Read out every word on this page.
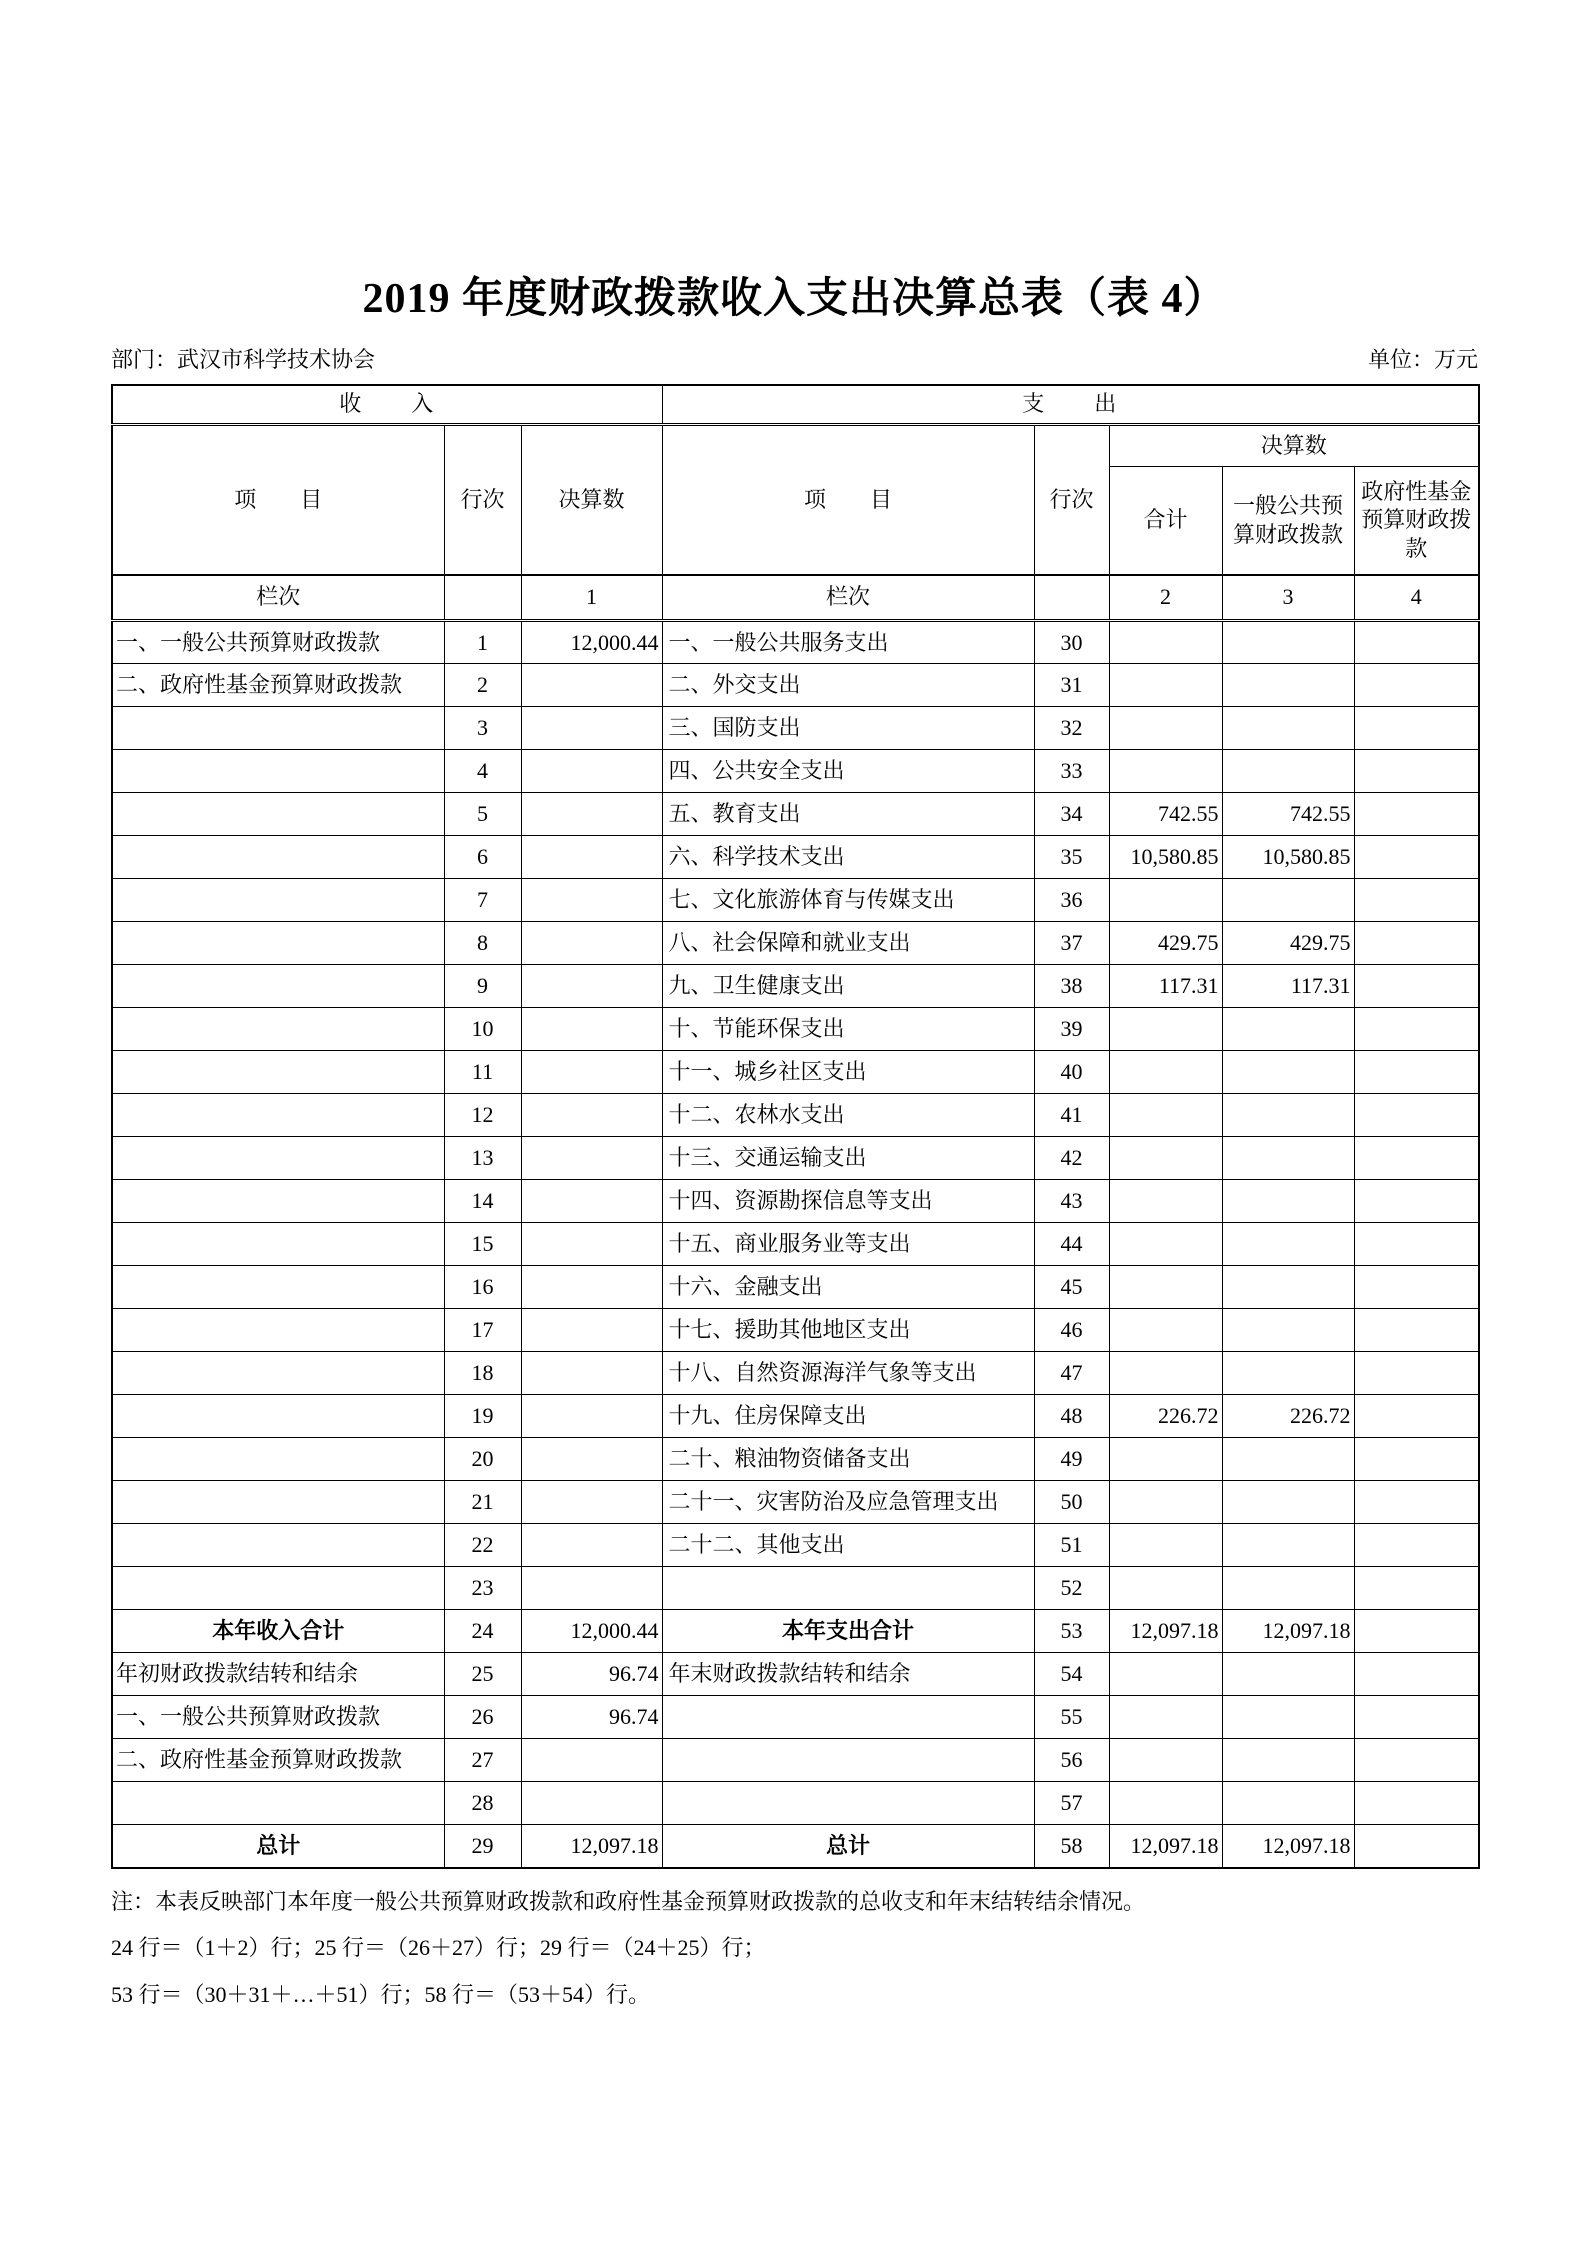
2019 年度财政拨款收入支出决算总表（表 4）
部门：武汉市科学技术协会	单位：万元
收　　入			支　　出				
项　　目	行次	决算数	项　　目	行次	决算数		
					合计	一般公共预算财政拨款	政府性基金预算财政拨款
栏次		1	栏次		2	3	4
一、一般公共预算财政拨款	1	12,000.44	一、一般公共服务支出	30			
二、政府性基金预算财政拨款	2		二、外交支出	31			
	3		三、国防支出	32			
	4		四、公共安全支出	33			
	5		五、教育支出	34	742.55	742.55	
	6		六、科学技术支出	35	10,580.85	10,580.85	
	7		七、文化旅游体育与传媒支出	36			
	8		八、社会保障和就业支出	37	429.75	429.75	
	9		九、卫生健康支出	38	117.31	117.31	
	10		十、节能环保支出	39			
	11		十一、城乡社区支出	40			
	12		十二、农林水支出	41			
	13		十三、交通运输支出	42			
	14		十四、资源勘探信息等支出	43			
	15		十五、商业服务业等支出	44			
	16		十六、金融支出	45			
	17		十七、援助其他地区支出	46			
	18		十八、自然资源海洋气象等支出	47			
	19		十九、住房保障支出	48	226.72	226.72	
	20		二十、粮油物资储备支出	49			
	21		二十一、灾害防治及应急管理支出	50			
	22		二十二、其他支出	51			
	23			52			
本年收入合计	24	12,000.44	本年支出合计	53	12,097.18	12,097.18	
年初财政拨款结转和结余	25	96.74	年末财政拨款结转和结余	54			
一、一般公共预算财政拨款	26	96.74		55			
二、政府性基金预算财政拨款	27			56			
	28			57			
总计	29	12,097.18	总计	58	12,097.18	12,097.18	
注：本表反映部门本年度一般公共预算财政拨款和政府性基金预算财政拨款的总收支和年末结转结余情况。
24 行＝（1＋2）行；25 行＝（26＋27）行；29 行＝（24＋25）行；
53 行＝（30＋31＋…＋51）行；58 行＝（53＋54）行。
